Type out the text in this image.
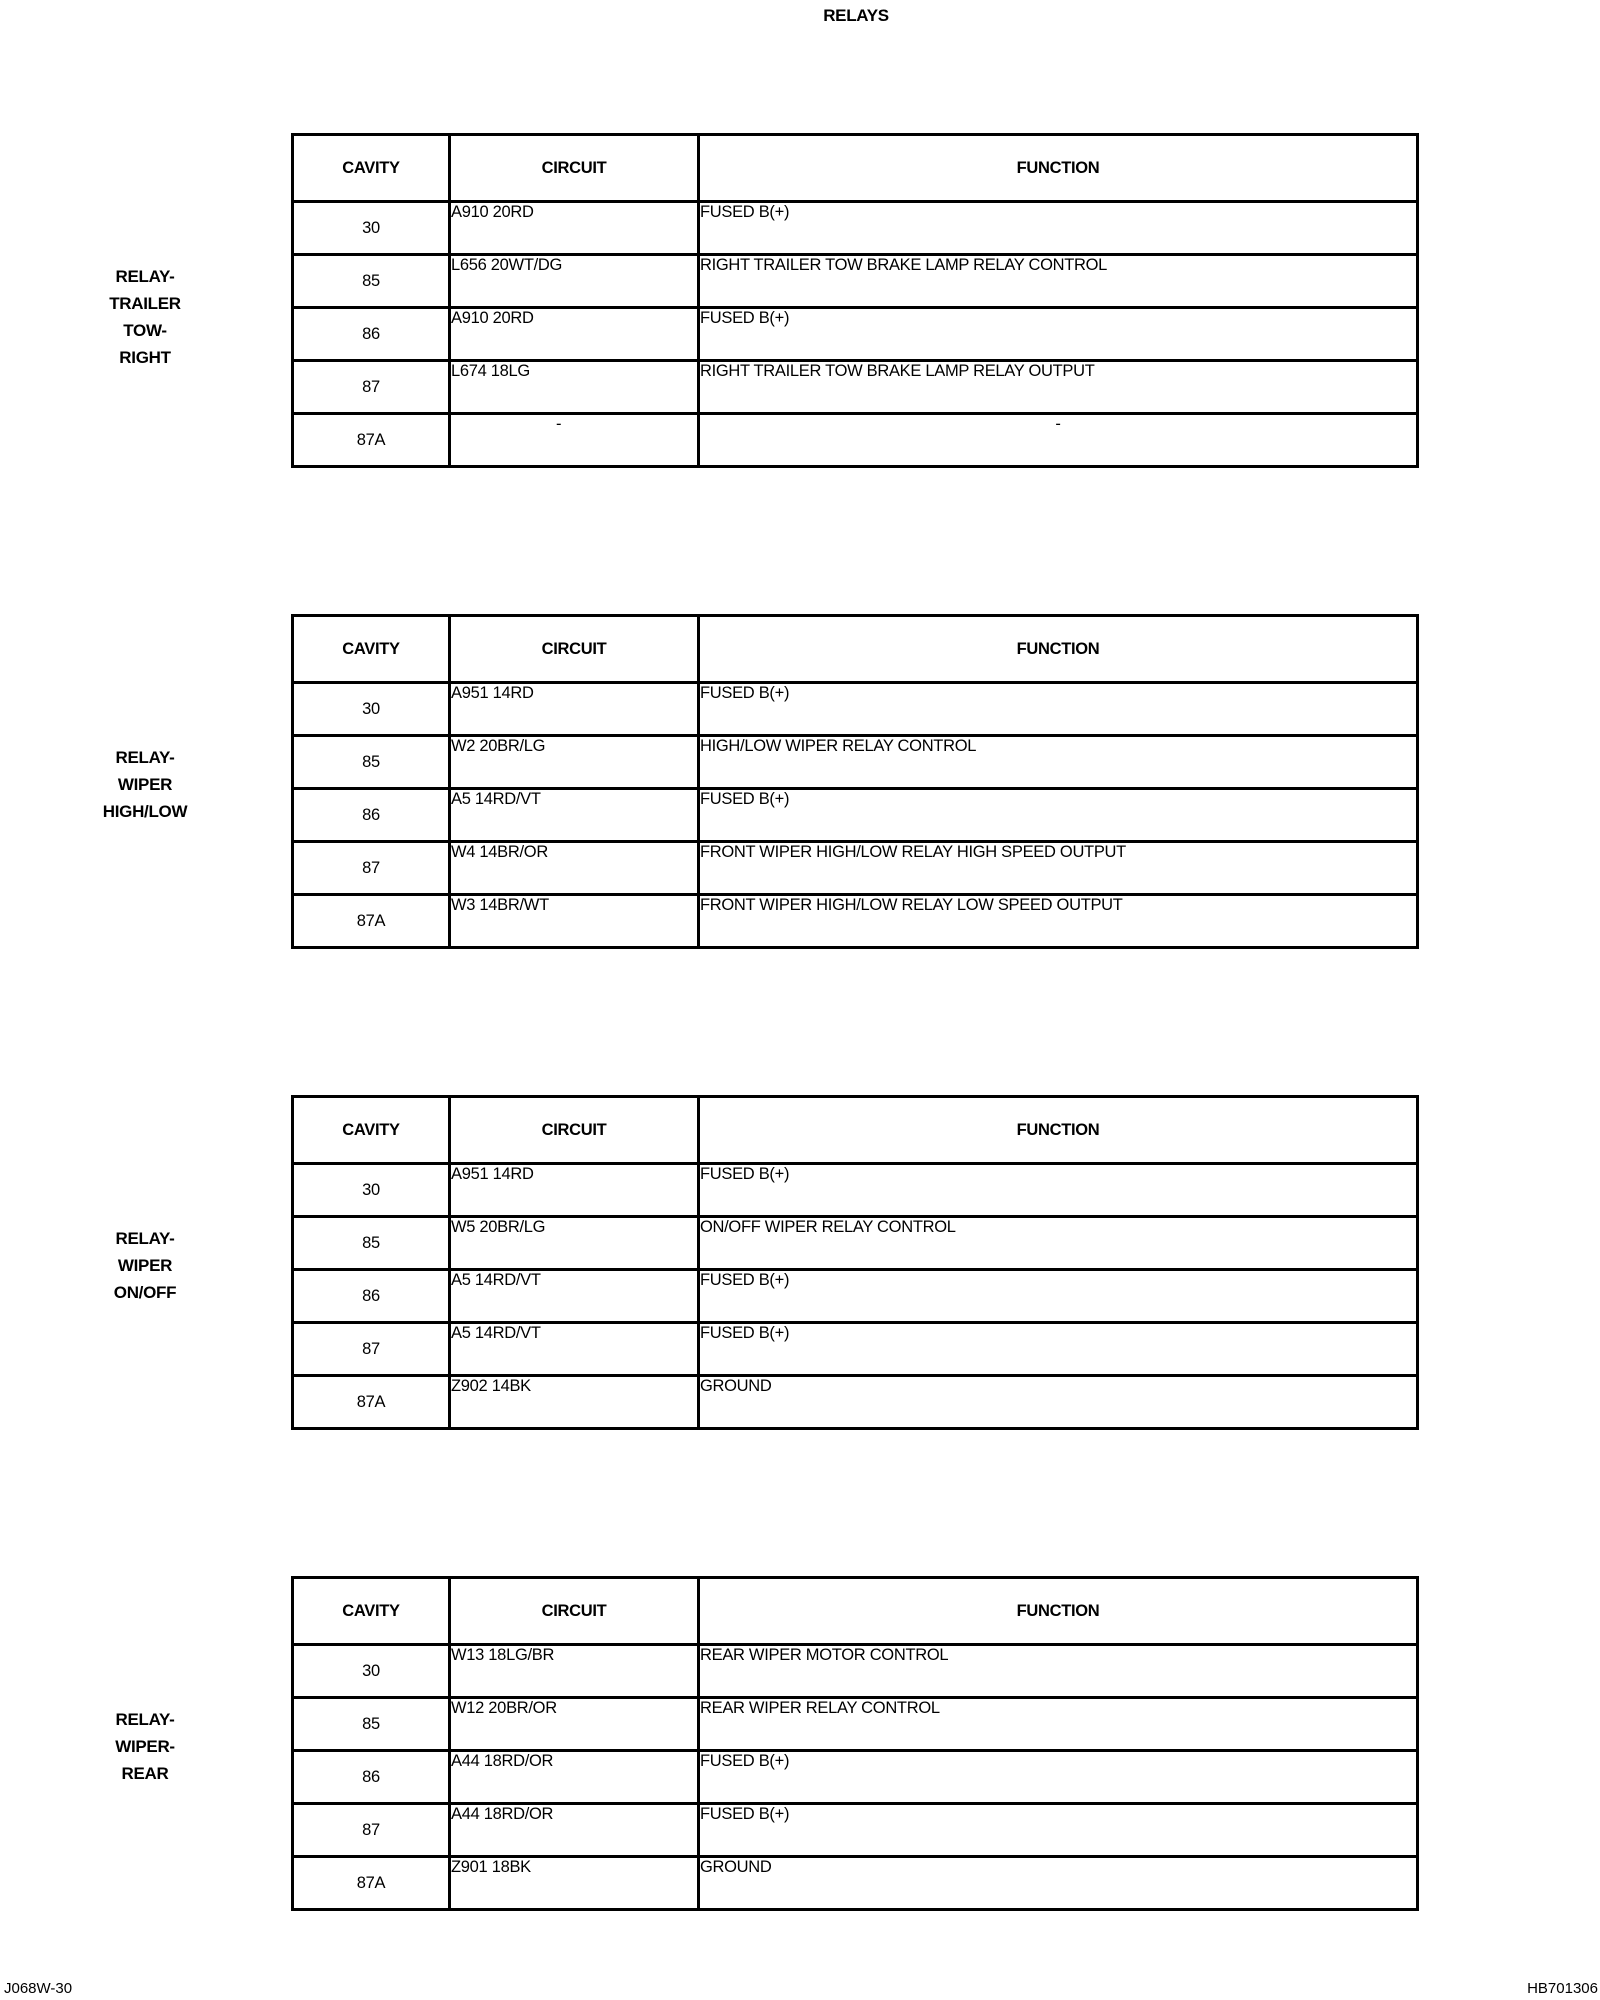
RELAYS
RELAY-
TRAILER
TOW-
RIGHT
CAVITY	CIRCUIT	FUNCTION
30	A910 20RD	FUSED B(+)
85	L656 20WT/DG	RIGHT TRAILER TOW BRAKE LAMP RELAY CONTROL
86	A910 20RD	FUSED B(+)
87	L674 18LG	RIGHT TRAILER TOW BRAKE LAMP RELAY OUTPUT
87A	-	-
RELAY-
WIPER
HIGH/LOW
CAVITY	CIRCUIT	FUNCTION
30	A951 14RD	FUSED B(+)
85	W2 20BR/LG	HIGH/LOW WIPER RELAY CONTROL
86	A5 14RD/VT	FUSED B(+)
87	W4 14BR/OR	FRONT WIPER HIGH/LOW RELAY HIGH SPEED OUTPUT
87A	W3 14BR/WT	FRONT WIPER HIGH/LOW RELAY LOW SPEED OUTPUT
RELAY-
WIPER
ON/OFF
CAVITY	CIRCUIT	FUNCTION
30	A951 14RD	FUSED B(+)
85	W5 20BR/LG	ON/OFF WIPER RELAY CONTROL
86	A5 14RD/VT	FUSED B(+)
87	A5 14RD/VT	FUSED B(+)
87A	Z902 14BK	GROUND
RELAY-
WIPER-
REAR
CAVITY	CIRCUIT	FUNCTION
30	W13 18LG/BR	REAR WIPER MOTOR CONTROL
85	W12 20BR/OR	REAR WIPER RELAY CONTROL
86	A44 18RD/OR	FUSED B(+)
87	A44 18RD/OR	FUSED B(+)
87A	Z901 18BK	GROUND
J068W-30	HB701306
